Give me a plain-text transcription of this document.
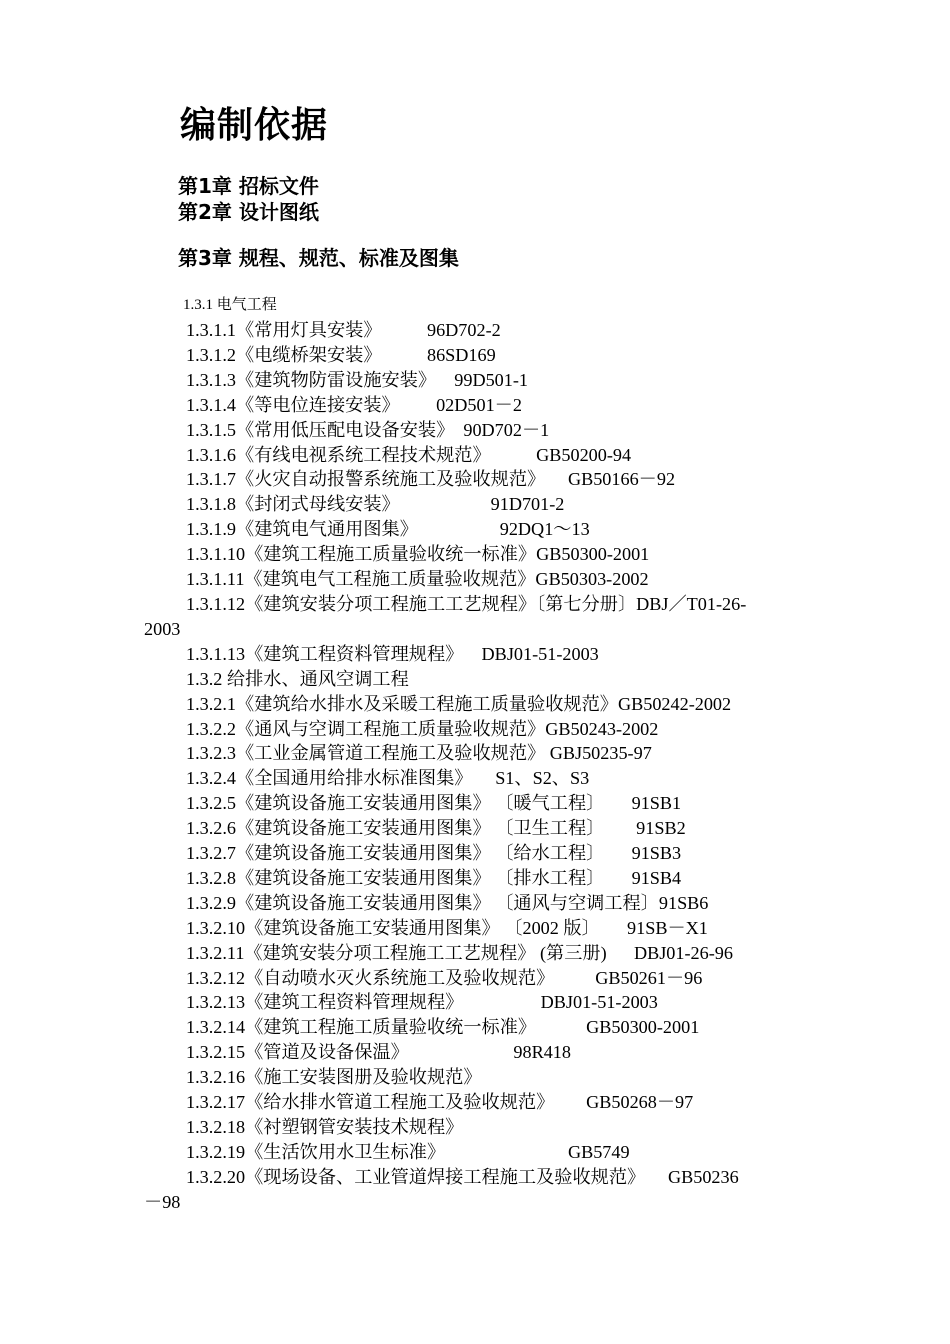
编制依据
第1章 招标文件
第2章 设计图纸
第3章 规程、规范、标准及图集
1.3.1 电气工程
1.3.1.1《常用灯具安装》          96D702-2
1.3.1.2《电缆桥架安装》          86SD169
1.3.1.3《建筑物防雷设施安装》    99D501-1
1.3.1.4《等电位连接安装》        02D501－2
1.3.1.5《常用低压配电设备安装》  90D702－1
1.3.1.6《有线电视系统工程技术规范》          GB50200-94
1.3.1.7《火灾自动报警系统施工及验收规范》     GB50166－92
1.3.1.8《封闭式母线安装》                    91D701-2
1.3.1.9《建筑电气通用图集》                  92DQ1～13
1.3.1.10《建筑工程施工质量验收统一标准》GB50300-2001
1.3.1.11《建筑电气工程施工质量验收规范》GB50303-2002
1.3.1.12《建筑安装分项工程施工工艺规程》〔第七分册〕DBJ／T01-26-
2003
1.3.1.13《建筑工程资料管理规程》    DBJ01-51-2003
1.3.2 给排水、通风空调工程
1.3.2.1《建筑给水排水及采暖工程施工质量验收规范》GB50242-2002
1.3.2.2《通风与空调工程施工质量验收规范》GB50243-2002
1.3.2.3《工业金属管道工程施工及验收规范》 GBJ50235-97
1.3.2.4《全国通用给排水标准图集》     S1、S2、S3
1.3.2.5《建筑设备施工安装通用图集》 〔暖气工程〕      91SB1
1.3.2.6《建筑设备施工安装通用图集》 〔卫生工程〕       91SB2
1.3.2.7《建筑设备施工安装通用图集》 〔给水工程〕      91SB3
1.3.2.8《建筑设备施工安装通用图集》 〔排水工程〕      91SB4
1.3.2.9《建筑设备施工安装通用图集》 〔通风与空调工程〕91SB6
1.3.2.10《建筑设备施工安装通用图集》 〔2002 版〕      91SB－X1
1.3.2.11《建筑安装分项工程施工工艺规程》 (第三册)      DBJ01-26-96
1.3.2.12《自动喷水灭火系统施工及验收规范》         GB50261－96
1.3.2.13《建筑工程资料管理规程》                 DBJ01-51-2003
1.3.2.14《建筑工程施工质量验收统一标准》           GB50300-2001
1.3.2.15《管道及设备保温》                       98R418
1.3.2.16《施工安装图册及验收规范》
1.3.2.17《给水排水管道工程施工及验收规范》       GB50268－97
1.3.2.18《衬塑钢管安装技术规程》
1.3.2.19《生活饮用水卫生标准》                           GB5749
1.3.2.20《现场设备、工业管道焊接工程施工及验收规范》     GB50236
－98
